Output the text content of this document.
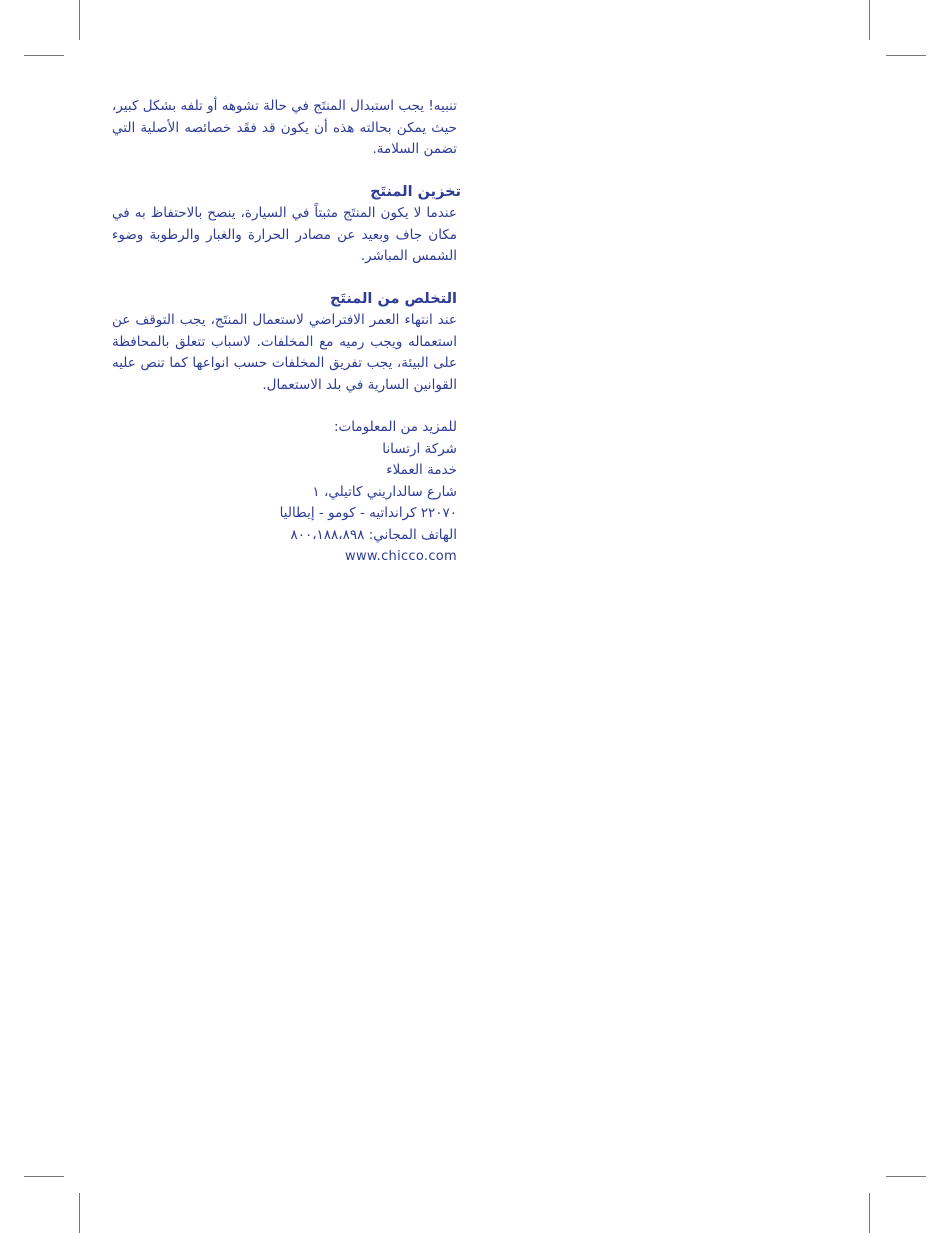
تنبيه! يجب استبدال المنتَج في حالة تشوهه أو تلفه بشكل كبير، حيث يمكن بحالته هذه أن يكون قد فقَد خصائصه الأصلية التي تضمن السلامة.

تخزين المنتَج

عندما لا يكون المنتَج مثبتاً في السيارة، ينصح بالاحتفاظ به في مكان جاف وبعيد عن مصادر الحرارة والغبار والرطوبة وضوء الشمس المباشر.

التخلص من المنتَج

عند انتهاء العمر الافتراضي لاستعمال المنتَج، يجب التوقف عن استعماله ويجب رميه مع المخلفات. لاسباب تتعلق بالمحافظة على البيئة، يجب تفريق المخلفات حسب انواعها كما تنص عليه القوانين السارية في بلد الاستعمال.

للمزيد من المعلومات:

شركة ارتسانا

خدمة العملاء

شارع سالداريني كاتيلي، ١

٢٢٠٧٠ كرانداتيه - كومو - إيطاليا

الهاتف المجاني: ٨٠٠،١٨٨،٨٩٨

www.chicco.com
